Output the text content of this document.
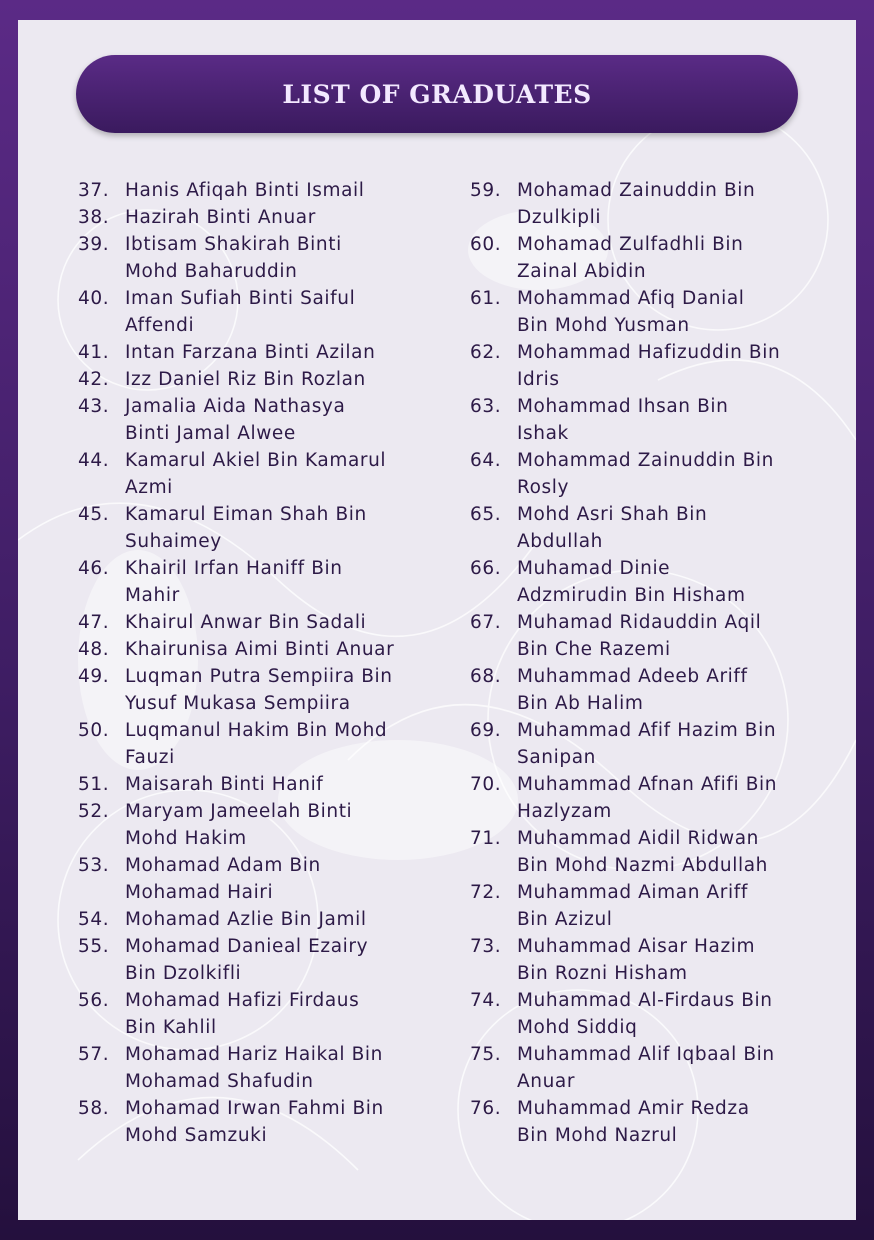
LIST OF GRADUATES
37. Hanis Afiqah Binti Ismail
38. Hazirah Binti Anuar
39. Ibtisam Shakirah Binti
Mohd Baharuddin
40. Iman Sufiah Binti Saiful
Affendi
41. Intan Farzana Binti Azilan
42. Izz Daniel Riz Bin Rozlan
43. Jamalia Aida Nathasya
Binti Jamal Alwee
44. Kamarul Akiel Bin Kamarul
Azmi
45. Kamarul Eiman Shah Bin
Suhaimey
46. Khairil Irfan Haniff Bin
Mahir
47. Khairul Anwar Bin Sadali
48. Khairunisa Aimi Binti Anuar
49. Luqman Putra Sempiira Bin
Yusuf Mukasa Sempiira
50. Luqmanul Hakim Bin Mohd
Fauzi
51. Maisarah Binti Hanif
52. Maryam Jameelah Binti
Mohd Hakim
53. Mohamad Adam Bin
Mohamad Hairi
54. Mohamad Azlie Bin Jamil
55. Mohamad Danieal Ezairy
Bin Dzolkifli
56. Mohamad Hafizi Firdaus
Bin Kahlil
57. Mohamad Hariz Haikal Bin
Mohamad Shafudin
58. Mohamad Irwan Fahmi Bin
Mohd Samzuki
59. Mohamad Zainuddin Bin
Dzulkipli
60. Mohamad Zulfadhli Bin
Zainal Abidin
61. Mohammad Afiq Danial
Bin Mohd Yusman
62. Mohammad Hafizuddin Bin
Idris
63. Mohammad Ihsan Bin
Ishak
64. Mohammad Zainuddin Bin
Rosly
65. Mohd Asri Shah Bin
Abdullah
66. Muhamad Dinie
Adzmirudin Bin Hisham
67. Muhamad Ridauddin Aqil
Bin Che Razemi
68. Muhammad Adeeb Ariff
Bin Ab Halim
69. Muhammad Afif Hazim Bin
Sanipan
70. Muhammad Afnan Afifi Bin
Hazlyzam
71. Muhammad Aidil Ridwan
Bin Mohd Nazmi Abdullah
72. Muhammad Aiman Ariff
Bin Azizul
73. Muhammad Aisar Hazim
Bin Rozni Hisham
74. Muhammad Al-Firdaus Bin
Mohd Siddiq
75. Muhammad Alif Iqbaal Bin
Anuar
76. Muhammad Amir Redza
Bin Mohd Nazrul
